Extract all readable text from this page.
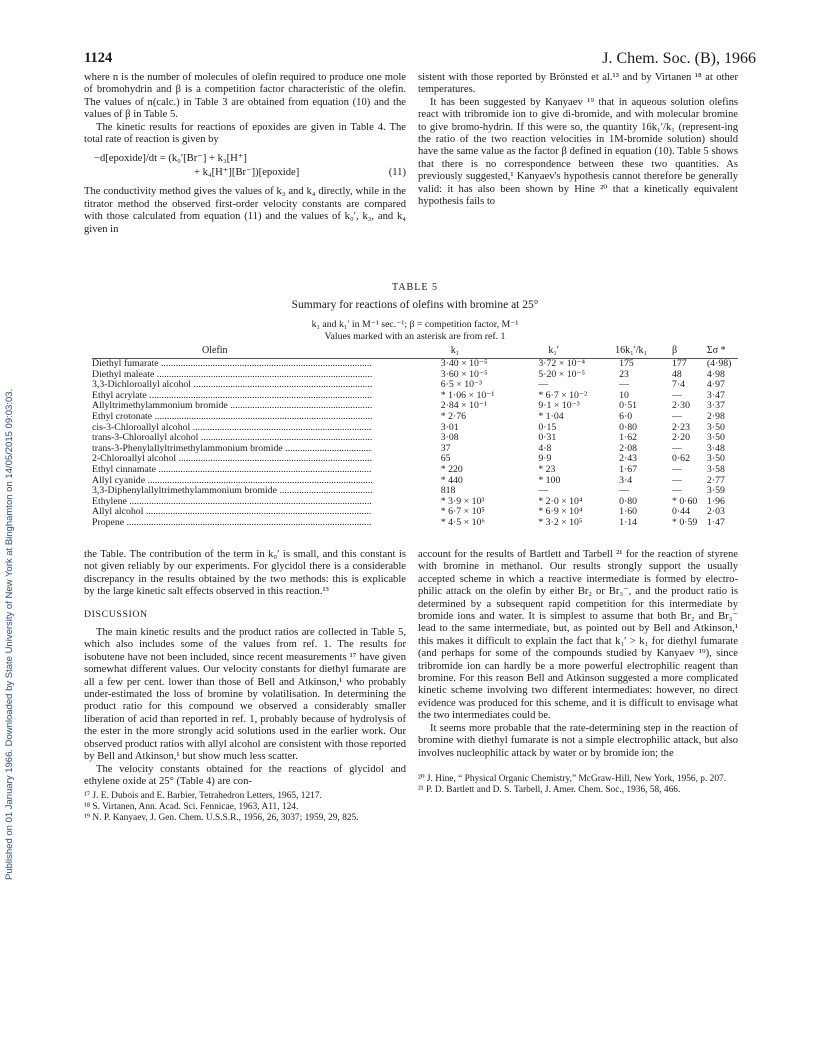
Published on 01 January 1966. Downloaded by State University of New York at Binghamton on 14/05/2015 09:03:03.
1124	J. Chem. Soc. (B), 1966

where n is the number of molecules of olefin required to produce one mole of bromohydrin and β is a competition factor characteristic of the olefin. The values of n(calc.) in Table 3 are obtained from equation (10) and the values of β in Table 5.

The kinetic results for reactions of epoxides are given in Table 4. The total rate of reaction is given by

−d[epoxide]/dt = (k₀′[Br⁻] + k₃[H⁺]
+ k₄[H⁺][Br⁻])[epoxide]	(11)

The conductivity method gives the values of k₃ and k₄ directly, while in the titrator method the observed first-order velocity constants are compared with those calculated from equation (11) and the values of k₀′, k₃, and k₄ given in

sistent with those reported by Brönsted et al.¹³ and by Virtanen ¹⁸ at other temperatures.

It has been suggested by Kanyaev ¹⁹ that in aqueous solution olefins react with tribromide ion to give di-bromide, and with molecular bromine to give bromo-hydrin. If this were so, the quantity 16k₁′/k₁ (represent-ing the ratio of the two reaction velocities in 1M-bromide solution) should have the same value as the factor β defined in equation (10). Table 5 shows that there is no correspondence between these two quantities. As previously suggested,¹ Kanyaev's hypothesis cannot therefore be generally valid: it has also been shown by Hine ²⁰ that a kinetically equivalent hypothesis fails to

TABLE 5

Summary for reactions of olefins with bromine at 25°

k₁ and k₁′ in M⁻¹ sec.⁻¹; β = competition factor, M⁻¹

Values marked with an asterisk are from ref. 1

Olefin	k₁	k₁′	16k₁′/k₁	β	Σσ *
Diethyl fumarate .....	3·40 × 10⁻⁵	3·72 × 10⁻⁴	175	177	(4·98)
Diethyl maleate .....	3·60 × 10⁻⁵	5·20 × 10⁻⁵	23	48	4·98
3,3-Dichloroallyl alcohol .....	6·5 × 10⁻³	—	—	7·4	4·97
Ethyl acrylate .....	* 1·06 × 10⁻¹	* 6·7 × 10⁻²	10	—	3·47
Allyltrimethylammonium bromide .....	2·84 × 10⁻¹	9·1 × 10⁻³	0·51	2·30	3·37
Ethyl crotonate .....	* 2·76	* 1·04	6·0	—	2·98
cis-3-Chloroallyl alcohol .....	3·01	0·15	0·80	2·23	3·50
trans-3-Chloroallyl alcohol .....	3·08	0·31	1·62	2·20	3·50
trans-3-Phenylallyltrimethylammonium bromide .....	37	4·8	2·08	—	3·48
2-Chloroallyl alcohol .....	65	9·9	2·43	0·62	3·50
Ethyl cinnamate .....	* 220	* 23	1·67	—	3·58
Allyl cyanide .....	* 440	* 100	3·4	—	2·77
3,3-Diphenylallyltrimethylammonium bromide .....	818	—	—	—	3·59
Ethylene .....	* 3·9 × 10³	* 2·0 × 10⁴	0·80	* 0·60	1·96
Allyl alcohol .....	* 6·7 × 10⁵	* 6·9 × 10⁴	1·60	0·44	2·03
Propene .....	* 4·5 × 10⁶	* 3·2 × 10⁵	1·14	* 0·59	1·47

the Table. The contribution of the term in k₀′ is small, and this constant is not given reliably by our experiments. For glycidol there is a considerable discrepancy in the results obtained by the two methods: this is explicable by the large kinetic salt effects observed in this reaction.¹³

DISCUSSION

The main kinetic results and the product ratios are collected in Table 5, which also includes some of the values from ref. 1. The results for isobutene have not been included, since recent measurements ¹⁷ have given somewhat different values. Our velocity constants for diethyl fumarate are all a few per cent. lower than those of Bell and Atkinson,¹ who probably under-estimated the loss of bromine by volatilisation. In determining the product ratio for this compound we observed a considerably smaller liberation of acid than reported in ref. 1, probably because of hydrolysis of the ester in the more strongly acid solutions used in the earlier work. Our observed product ratios with allyl alcohol are consistent with those reported by Bell and Atkinson,¹ but show much less scatter.

The velocity constants obtained for the reactions of glycidol and ethylene oxide at 25° (Table 4) are con-

¹⁷ J. E. Dubois and E. Barbier, Tetrahedron Letters, 1965, 1217.
¹⁸ S. Virtanen, Ann. Acad. Sci. Fennicae, 1963, A11, 124.
¹⁹ N. P. Kanyaev, J. Gen. Chem. U.S.S.R., 1956, 26, 3037; 1959, 29, 825.

account for the results of Bartlett and Tarbell ²¹ for the reaction of styrene with bromine in methanol. Our results strongly support the usually accepted scheme in which a reactive intermediate is formed by electro-philic attack on the olefin by either Br₂ or Br₃⁻, and the product ratio is determined by a subsequent rapid competition for this intermediate by bromide ions and water. It is simplest to assume that both Br₂ and Br₃⁻ lead to the same intermediate, but, as pointed out by Bell and Atkinson,¹ this makes it difficult to explain the fact that k₁′ > k₁ for diethyl fumarate (and perhaps for some of the compounds studied by Kanyaev ¹⁹), since tribromide ion can hardly be a more powerful electrophilic reagent than bromine. For this reason Bell and Atkinson suggested a more complicated kinetic scheme involving two different intermediates: however, no direct evidence was produced for this scheme, and it is difficult to envisage what the two intermediates could be.

It seems more probable that the rate-determining step in the reaction of bromine with diethyl fumarate is not a simple electrophilic attack, but also involves nucleophilic attack by water or by bromide ion; the

²⁰ J. Hine, “ Physical Organic Chemistry,” McGraw-Hill, New York, 1956, p. 207.
²¹ P. D. Bartlett and D. S. Tarbell, J. Amer. Chem. Soc., 1936, 58, 466.
